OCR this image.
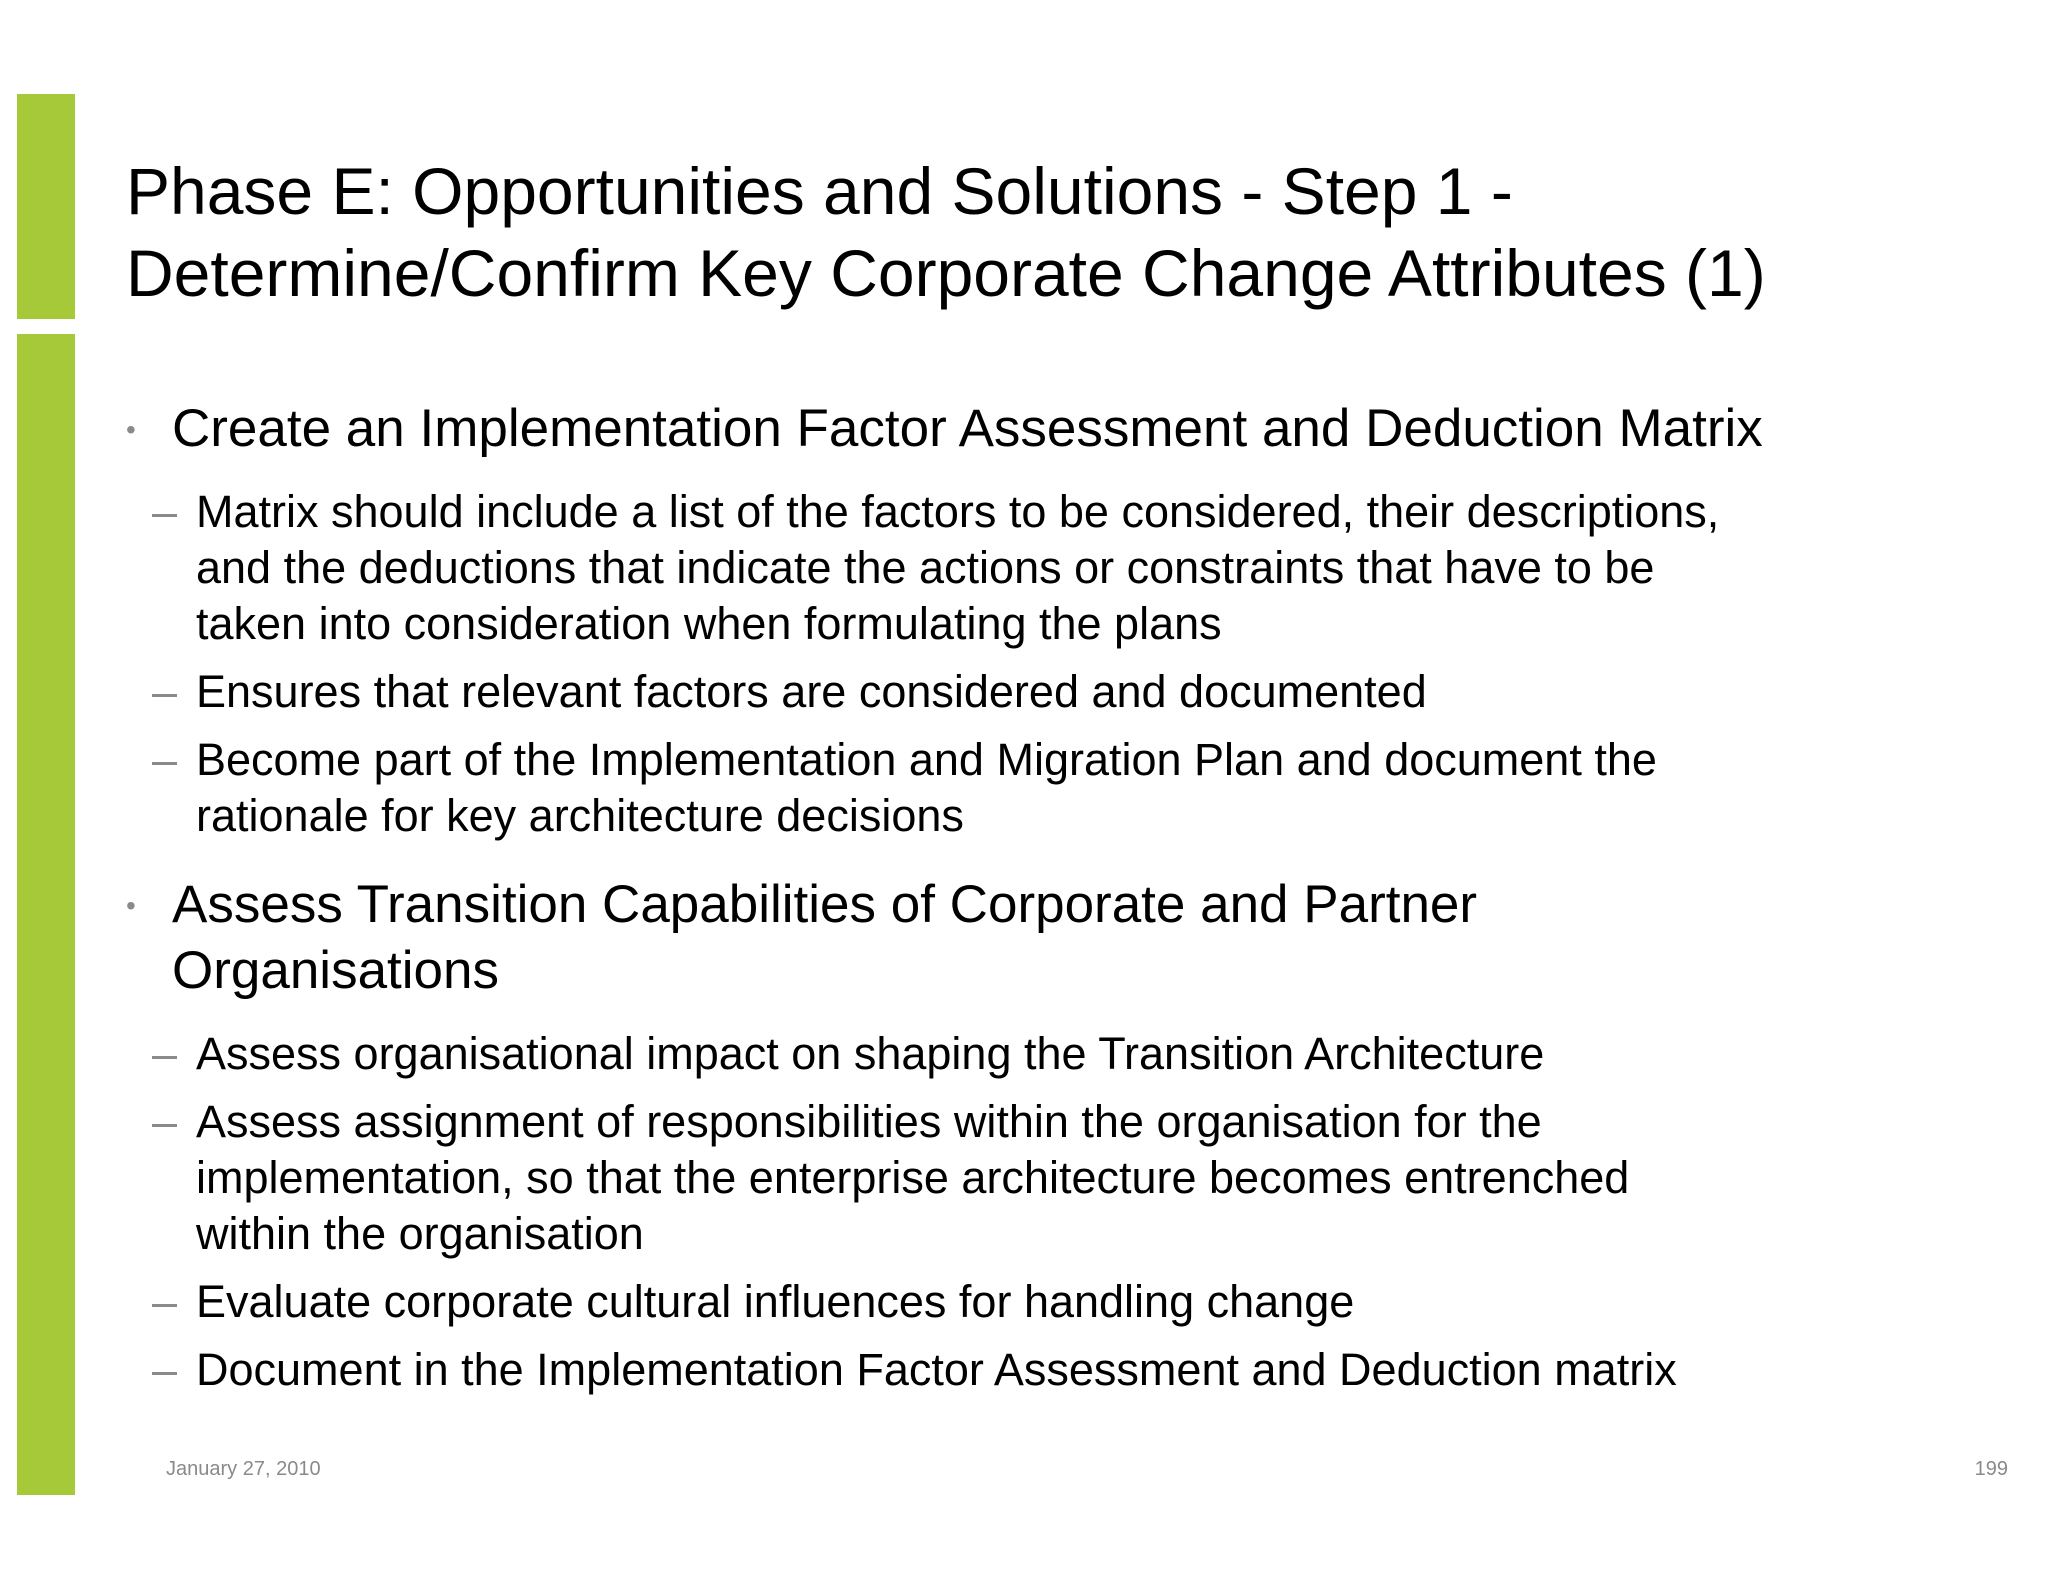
Phase E: Opportunities and Solutions - Step 1 -
Determine/Confirm Key Corporate Change Attributes (1)
• Create an Implementation Factor Assessment and Deduction Matrix
– Matrix should include a list of the factors to be considered, their descriptions,
and the deductions that indicate the actions or constraints that have to be
taken into consideration when formulating the plans
– Ensures that relevant factors are considered and documented
– Become part of the Implementation and Migration Plan and document the
rationale for key architecture decisions
• Assess Transition Capabilities of Corporate and Partner
Organisations
– Assess organisational impact on shaping the Transition Architecture
– Assess assignment of responsibilities within the organisation for the
implementation, so that the enterprise architecture becomes entrenched
within the organisation
– Evaluate corporate cultural influences for handling change
– Document in the Implementation Factor Assessment and Deduction matrix
January 27, 2010	199
